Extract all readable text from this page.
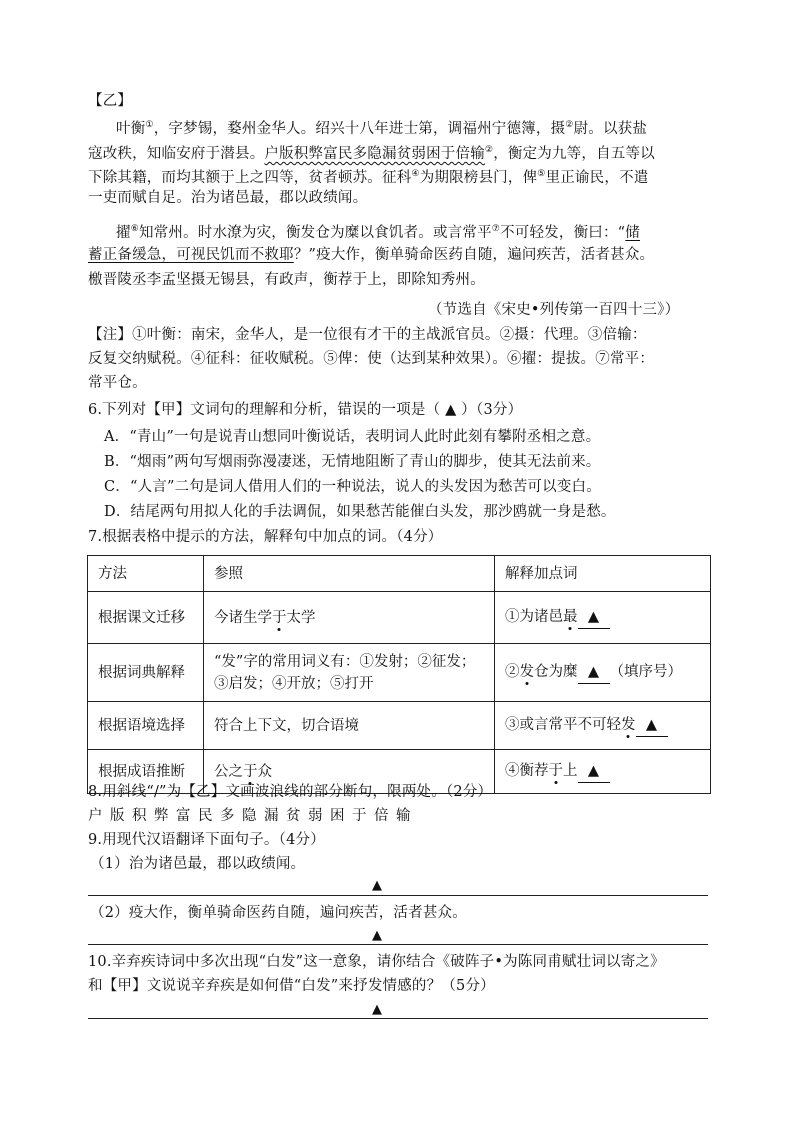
【乙】
叶衡①，字梦锡，婺州金华人。绍兴十八年进士第，调福州宁德簿，摄②尉。以获盐
寇改秩，知临安府于潜县。户版积弊富民多隐漏贫弱困于倍输②，衡定为九等，自五等以
下除其籍，而均其额于上之四等，贫者顿苏。征科④为期限榜县门，俾⑤里正谕民，不遣
一吏而赋自足。治为诸邑最，郡以政绩闻。
擢⑥知常州。时水潦为灾，衡发仓为糜以食饥者。或言常平⑦不可轻发，衡曰：“储
蓄正备缓急，可视民饥而不救耶？”疫大作，衡单骑命医药自随，遍问疾苦，活者甚众。
檄晋陵丞李孟坚摄无锡县，有政声，衡荐于上，即除知秀州。
（节选自《宋史•列传第一百四十三》）
【注】①叶衡：南宋，金华人，是一位很有才干的主战派官员。②摄：代理。③倍输：
反复交纳赋税。④征科：征收赋税。⑤俾：使（达到某种效果）。⑥擢：提拔。⑦常平：
常平仓。
6.下列对【甲】文词句的理解和分析，错误的一项是（ ▲ ）（3分）
A．“青山”一句是说青山想同叶衡说话，表明词人此时此刻有攀附丞相之意。
B．“烟雨”两句写烟雨弥漫凄迷，无情地阻断了青山的脚步，使其无法前来。
C．“人言”二句是词人借用人们的一种说法，说人的头发因为愁苦可以变白。
D．结尾两句用拟人化的手法调侃，如果愁苦能催白头发，那沙鸥就一身是愁。
7.根据表格中提示的方法，解释句中加点的词。（4分）
方法	参照	解释加点词
根据课文迁移	今诸生学于太学	①为诸邑最 ▲
根据词典解释	“发”字的常用词义有：①发射；②征发；
③启发；④开放；⑤打开	②发仓为糜 ▲ （填序号）
根据语境选择	符合上下文，切合语境	③或言常平不可轻发 ▲
根据成语推断	公之于众	④衡荐于上 ▲
8.用斜线“/”为【乙】文画波浪线的部分断句，限两处。（2分）
户版积弊富民多隐漏贫弱困于倍输
9.用现代汉语翻译下面句子。（4分）
（1）治为诸邑最，郡以政绩闻。
▲
（2）疫大作，衡单骑命医药自随，遍问疾苦，活者甚众。
▲
10.辛弃疾诗词中多次出现“白发”这一意象，请你结合《破阵子•为陈同甫赋壮词以寄之》
和【甲】文说说辛弃疾是如何借“白发”来抒发情感的？（5分）
▲
